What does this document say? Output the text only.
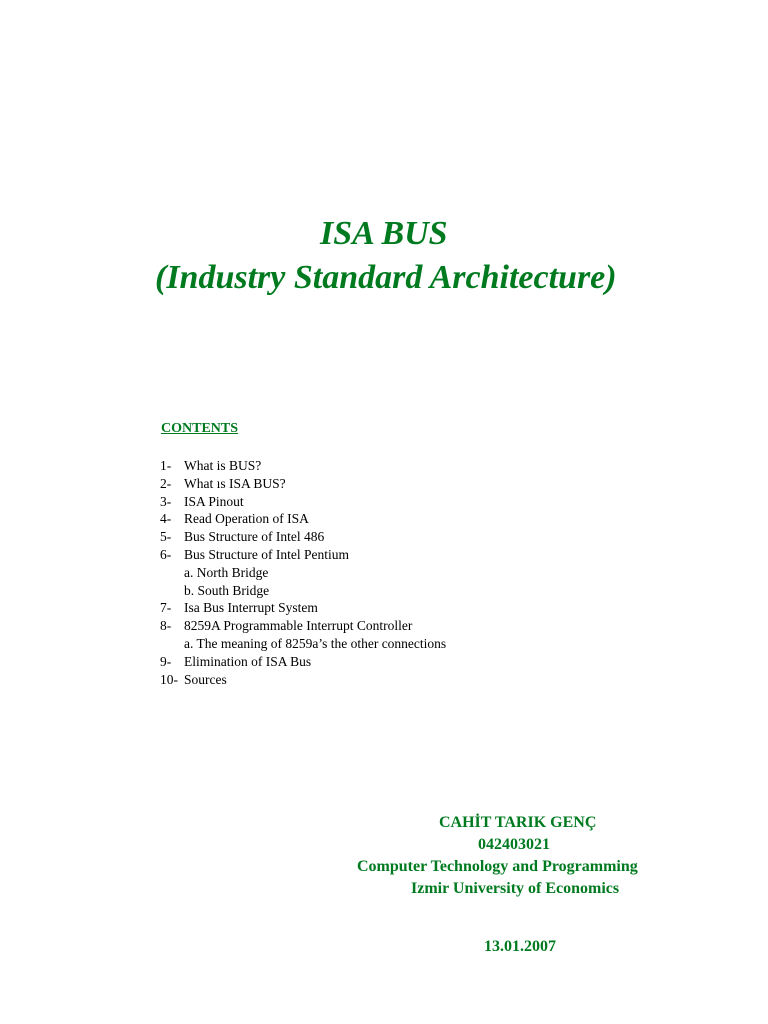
ISA BUS
(Industry Standard Architecture)
CONTENTS
1- What is BUS?
2- What ıs ISA BUS?
3- ISA Pinout
4- Read Operation of ISA
5- Bus Structure of Intel 486
6- Bus Structure of Intel Pentium
a. North Bridge
b. South Bridge
7- Isa Bus Interrupt System
8- 8259A Programmable Interrupt Controller
a. The meaning of 8259a’s the other connections
9- Elimination of ISA Bus
10- Sources
CAHİT TARIK GENÇ
042403021
Computer Technology and Programming
Izmir University of Economics
13.01.2007
